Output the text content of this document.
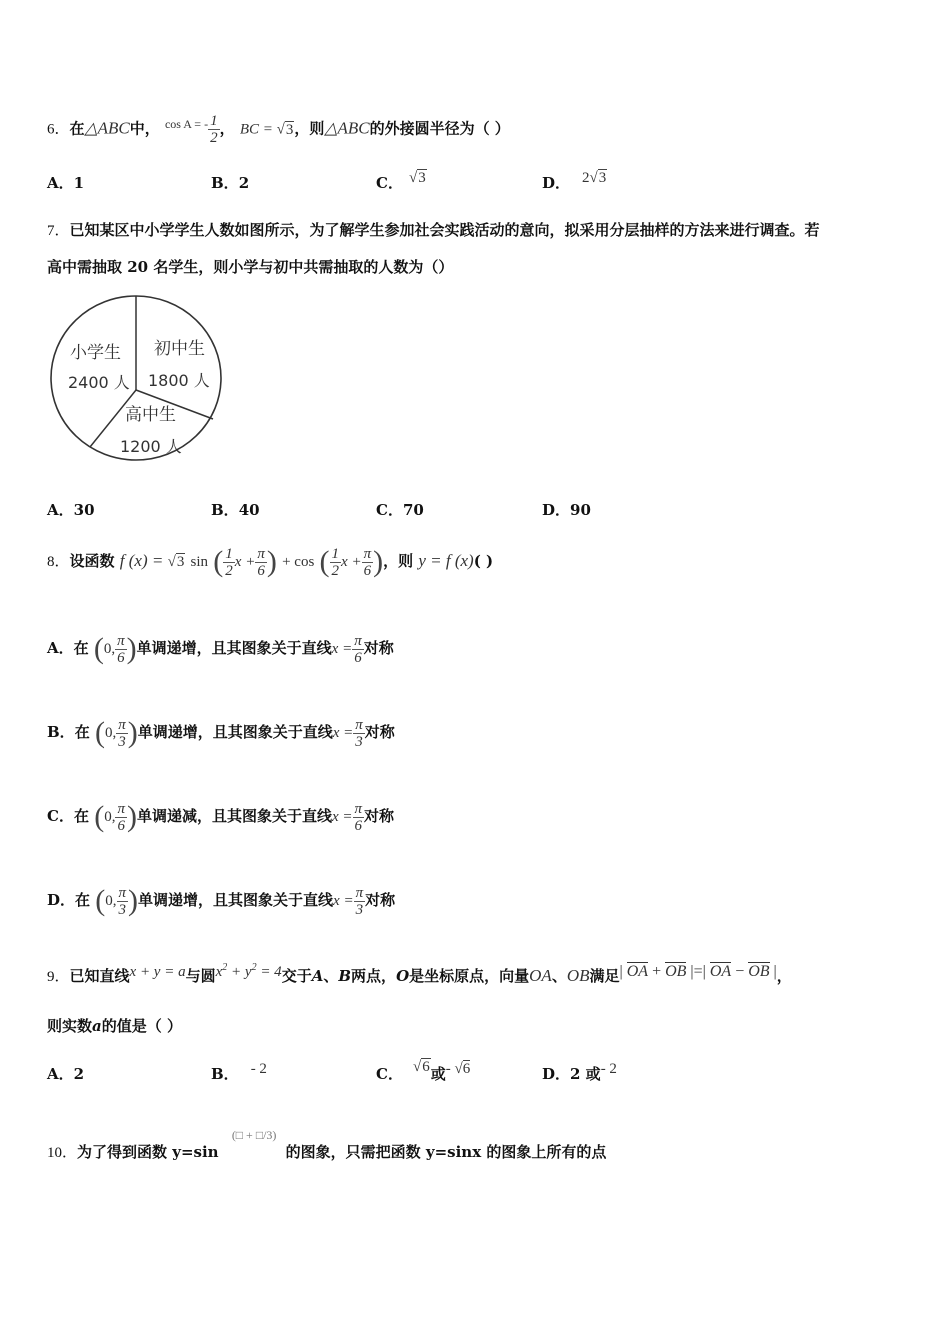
6．在△ABC中， $^{cos A = -} \frac{1}{2}$ ， BC = √3，则△ABC的外接圆半径为（ ）
A．1	B．2	C． √3	D． 2√3
7．已知某区中小学学生人数如图所示，为了解学生参加社会实践活动的意向，拟采用分层抽样的方法来进行调查。若
高中需抽取 20 名学生，则小学与初中共需抽取的人数为（）
小学生
2400 人
初中生
1800 人
高中生
1200 人
A．30	B．40	C．70	D．90
8．设函数 f (x) = √3 sin ( $\frac{1}{2}$ $x + \frac{\pi}{6}$ ) + cos ( $\frac{1}{2}$ $x + \frac{\pi}{6}$ )，则 y = f (x)( )
A．在 (0, $\frac{\pi}{6}$ )单调递增，且其图象关于直线$x = \frac{\pi}{6}$ 对称
B．在 (0, $\frac{\pi}{3}$ )单调递增，且其图象关于直线$x = \frac{\pi}{3}$ 对称
C．在 (0, $\frac{\pi}{6}$ )单调递减，且其图象关于直线$x = \frac{\pi}{6}$ 对称
D．在 (0, $\frac{\pi}{3}$ )单调递增，且其图象关于直线$x = \frac{\pi}{3}$ 对称
9．已知直线x + y = a与圆$x^2 + y^2 = 4$交于A、B两点，O是坐标原点，向量OA、OB满足| OA + OB |=| OA − OB |，
则实数a的值是（ ）
A．2	B． - 2	C． √6或- √6	D．2 或- 2
10．为了得到函数 y=sin $^{(□ + □/3)}$ 的图象，只需把函数 y=sinx 的图象上所有的点
